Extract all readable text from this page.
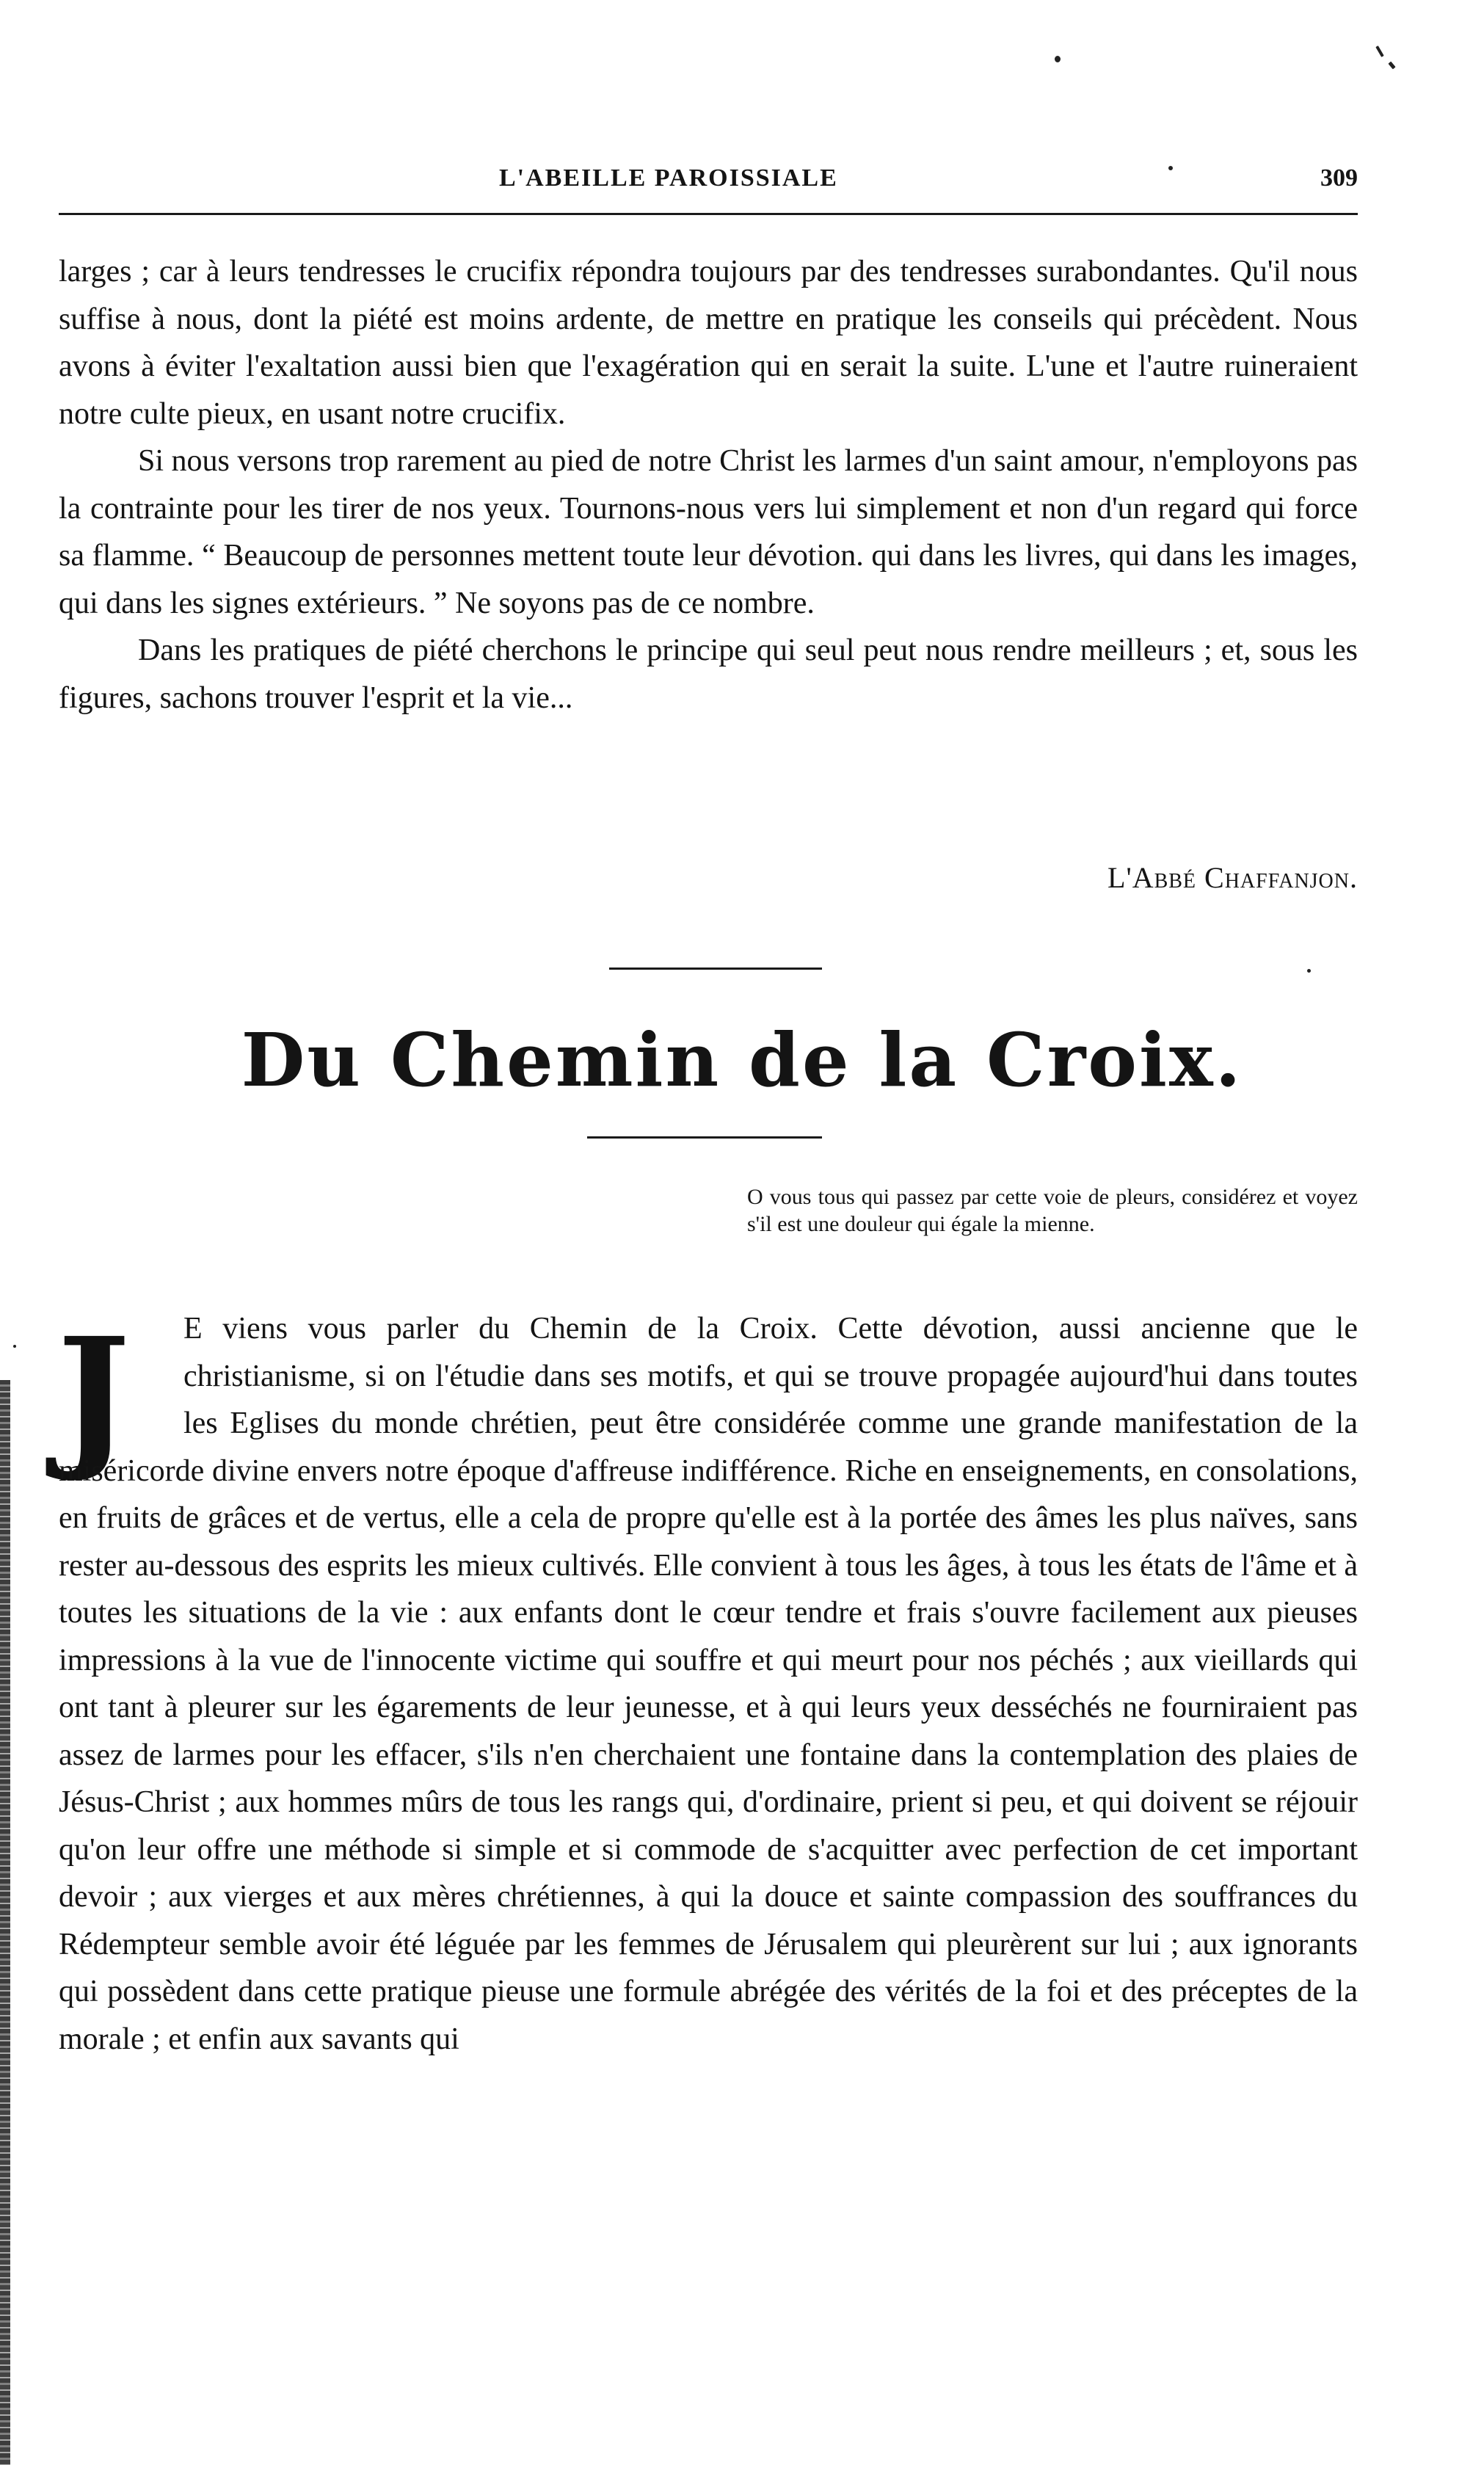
L'ABEILLE PAROISSIALE	309

larges ; car à leurs tendresses le crucifix répondra toujours par des tendresses surabondantes. Qu'il nous suffise à nous, dont la piété est moins ardente, de mettre en pratique les conseils qui précèdent. Nous avons à éviter l'exaltation aussi bien que l'exagération qui en serait la suite. L'une et l'autre ruineraient notre culte pieux, en usant notre crucifix.

Si nous versons trop rarement au pied de notre Christ les larmes d'un saint amour, n'employons pas la contrainte pour les tirer de nos yeux. Tournons-nous vers lui simplement et non d'un regard qui force sa flamme. “ Beaucoup de personnes mettent toute leur dévotion. qui dans les livres, qui dans les images, qui dans les signes extérieurs. ” Ne soyons pas de ce nombre.

Dans les pratiques de piété cherchons le principe qui seul peut nous rendre meilleurs ; et, sous les figures, sachons trouver l'esprit et la vie...

L'Abbé Chaffanjon.
Du Chemin de la Croix.
O vous tous qui passez par cette voie de pleurs, considérez et voyez s'il est une douleur qui égale la mienne.
J	E viens vous parler du Chemin de la Croix. Cette dévotion, aussi ancienne que le christianisme, si on l'étudie dans ses motifs, et qui se trouve propagée aujourd'hui dans toutes les Eglises du monde chrétien, peut être considérée comme une grande manifestation de la miséricorde divine envers notre époque d'affreuse indifférence. Riche en enseignements, en consolations, en fruits de grâces et de vertus, elle a cela de propre qu'elle est à la portée des âmes les plus naïves, sans rester au-dessous des esprits les mieux cultivés. Elle convient à tous les âges, à tous les états de l'âme et à toutes les situations de la vie : aux enfants dont le cœur tendre et frais s'ouvre facilement aux pieuses impressions à la vue de l'innocente victime qui souffre et qui meurt pour nos péchés ; aux vieillards qui ont tant à pleurer sur les égarements de leur jeunesse, et à qui leurs yeux desséchés ne fourniraient pas assez de larmes pour les effacer, s'ils n'en cherchaient une fontaine dans la contemplation des plaies de Jésus-Christ ; aux hommes mûrs de tous les rangs qui, d'ordinaire, prient si peu, et qui doivent se réjouir qu'on leur offre une méthode si simple et si commode de s'acquitter avec perfection de cet important devoir ; aux vierges et aux mères chrétiennes, à qui la douce et sainte compassion des souffrances du Rédempteur semble avoir été léguée par les femmes de Jérusalem qui pleurèrent sur lui ; aux ignorants qui possèdent dans cette pratique pieuse une formule abrégée des vérités de la foi et des préceptes de la morale ; et enfin aux savants qui
